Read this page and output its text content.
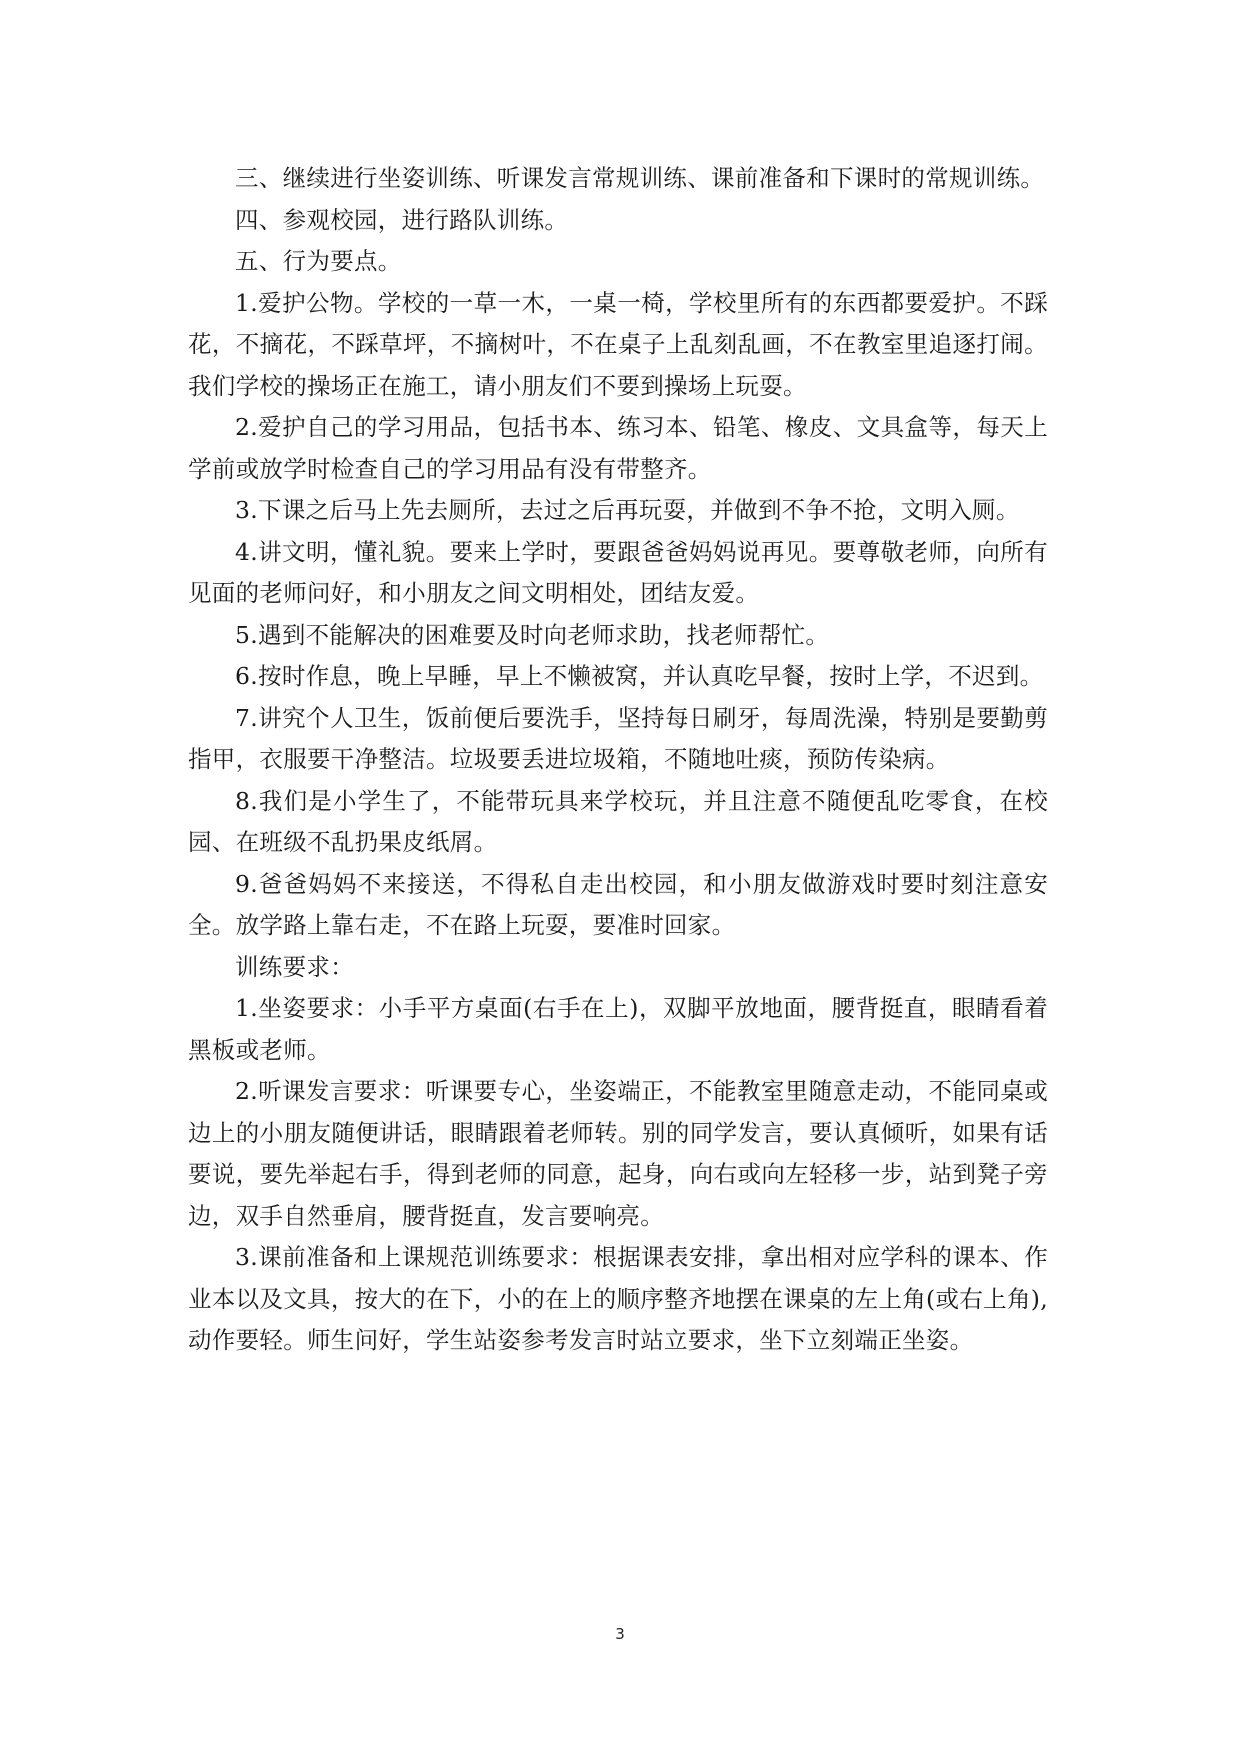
三、继续进行坐姿训练、听课发言常规训练、课前准备和下课时的常规训练。

四、参观校园，进行路队训练。

五、行为要点。

1.爱护公物。学校的一草一木，一桌一椅，学校里所有的东西都要爱护。不踩花，不摘花，不踩草坪，不摘树叶，不在桌子上乱刻乱画，不在教室里追逐打闹。我们学校的操场正在施工，请小朋友们不要到操场上玩耍。

2.爱护自己的学习用品，包括书本、练习本、铅笔、橡皮、文具盒等，每天上学前或放学时检查自己的学习用品有没有带整齐。

3.下课之后马上先去厕所，去过之后再玩耍，并做到不争不抢，文明入厕。

4.讲文明，懂礼貌。要来上学时，要跟爸爸妈妈说再见。要尊敬老师，向所有见面的老师问好，和小朋友之间文明相处，团结友爱。

5.遇到不能解决的困难要及时向老师求助，找老师帮忙。

6.按时作息，晚上早睡，早上不懒被窝，并认真吃早餐，按时上学，不迟到。

7.讲究个人卫生，饭前便后要洗手，坚持每日刷牙，每周洗澡，特别是要勤剪指甲，衣服要干净整洁。垃圾要丢进垃圾箱，不随地吐痰，预防传染病。

8.我们是小学生了，不能带玩具来学校玩，并且注意不随便乱吃零食，在校园、在班级不乱扔果皮纸屑。

9.爸爸妈妈不来接送，不得私自走出校园，和小朋友做游戏时要时刻注意安全。放学路上靠右走，不在路上玩耍，要准时回家。

训练要求：

1.坐姿要求：小手平方桌面(右手在上)，双脚平放地面，腰背挺直，眼睛看着黑板或老师。

2.听课发言要求：听课要专心，坐姿端正，不能教室里随意走动，不能同桌或边上的小朋友随便讲话，眼睛跟着老师转。别的同学发言，要认真倾听，如果有话要说，要先举起右手，得到老师的同意，起身，向右或向左轻移一步，站到凳子旁边，双手自然垂肩，腰背挺直，发言要响亮。

3.课前准备和上课规范训练要求：根据课表安排，拿出相对应学科的课本、作业本以及文具，按大的在下，小的在上的顺序整齐地摆在课桌的左上角(或右上角),动作要轻。师生问好，学生站姿参考发言时站立要求，坐下立刻端正坐姿。

3
